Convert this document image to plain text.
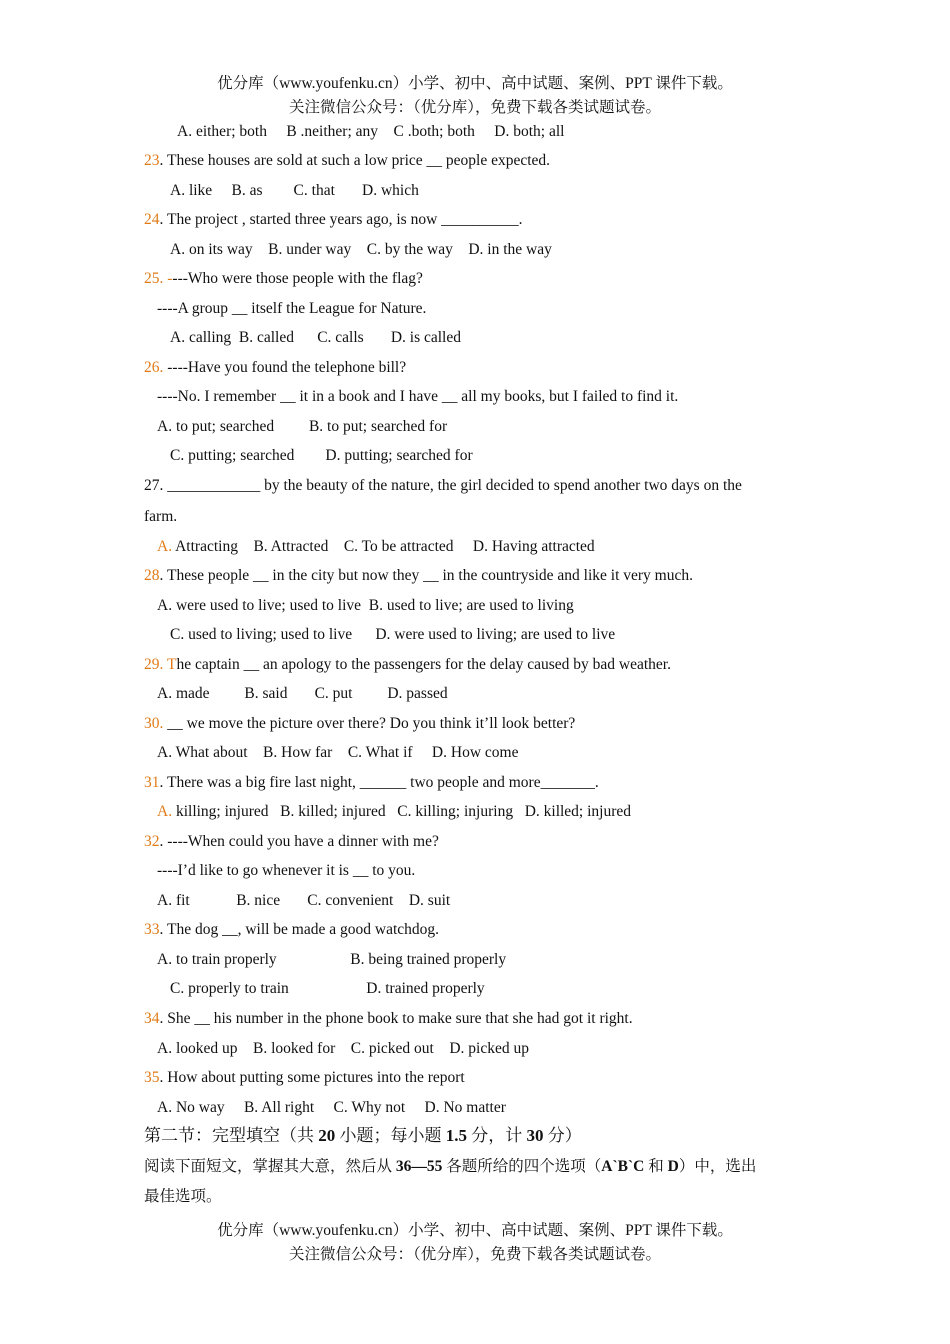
优分库（www.youfenku.cn）小学、初中、高中试题、案例、PPT 课件下载。
关注微信公众号：（优分库），免费下载各类试题试卷。
A. either; both     B .neither; any    C .both; both     D. both; all
23. These houses are sold at such a low price __ people expected.
A. like     B. as        C. that       D. which
24. The project , started three years ago, is now __________.
A. on its way    B. under way    C. by the way    D. in the way
25. ----Who were those people with the flag?
----A group __ itself the League for Nature.
A. calling  B. called      C. calls       D. is called
26. ----Have you found the telephone bill?
----No. I remember __ it in a book and I have __ all my books, but I failed to find it.
A. to put; searched         B. to put; searched for
C. putting; searched        D. putting; searched for
27. ____________ by the beauty of the nature, the girl decided to spend another two days on the
farm.
A. Attracting    B. Attracted    C. To be attracted     D. Having attracted
28. These people __ in the city but now they __ in the countryside and like it very much.
A. were used to live; used to live  B. used to live; are used to living
C. used to living; used to live      D. were used to living; are used to live
29. The captain __ an apology to the passengers for the delay caused by bad weather.
A. made         B. said       C. put         D. passed
30. __ we move the picture over there? Do you think it’ll look better?
A. What about    B. How far    C. What if     D. How come
31. There was a big fire last night, ______ two people and more_______.
A. killing; injured   B. killed; injured   C. killing; injuring   D. killed; injured
32. ----When could you have a dinner with me?
----I’d like to go whenever it is __ to you.
A. fit            B. nice       C. convenient    D. suit
33. The dog __, will be made a good watchdog.
A. to train properly                   B. being trained properly
C. properly to train                    D. trained properly
34. She __ his number in the phone book to make sure that she had got it right.
A. looked up    B. looked for    C. picked out    D. picked up
35. How about putting some pictures into the report
A. No way     B. All right     C. Why not     D. No matter
第二节：完型填空（共 20 小题；每小题 1.5 分，计 30 分）
阅读下面短文，掌握其大意，然后从 36—55 各题所给的四个选项（A`B`C 和 D）中，选出
最佳选项。
优分库（www.youfenku.cn）小学、初中、高中试题、案例、PPT 课件下载。
关注微信公众号：（优分库），免费下载各类试题试卷。
